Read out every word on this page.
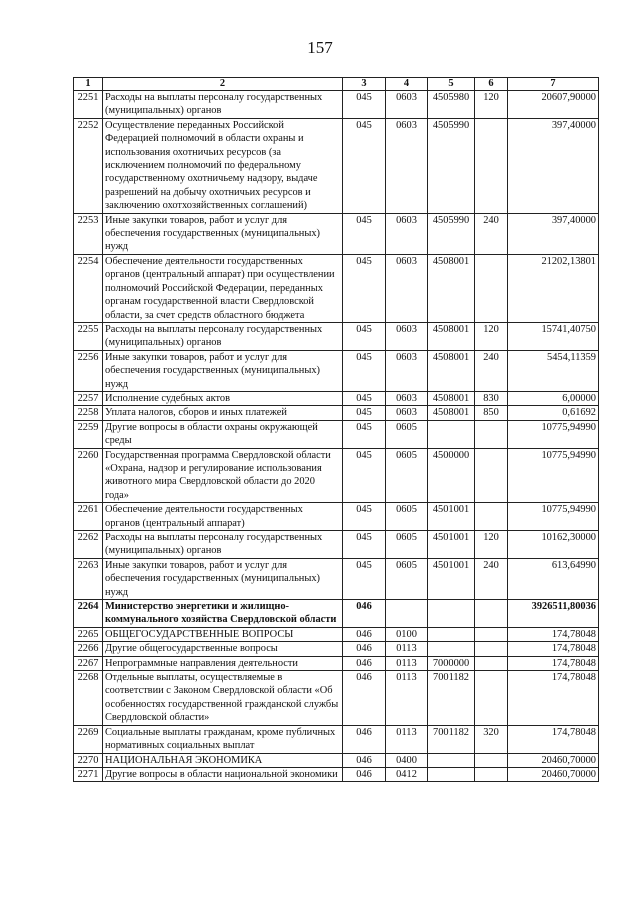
157
1	2	3	4	5	6	7
2251	Расходы на выплаты персоналу государственных (муниципальных) органов	045	0603	4505980	120	20607,90000
2252	Осуществление переданных Российской Федерацией полномочий в области охраны и использования охотничьих ресурсов (за исключением полномочий по федеральному государственному охотничьему надзору, выдаче разрешений на добычу охотничьих ресурсов и заключению охотхозяйственных соглашений)	045	0603	4505990		397,40000
2253	Иные закупки товаров, работ и услуг для обеспечения государственных (муниципальных) нужд	045	0603	4505990	240	397,40000
2254	Обеспечение деятельности государственных органов (центральный аппарат) при осуществлении полномочий Российской Федерации, переданных органам государственной власти Свердловской области, за счет средств областного бюджета	045	0603	4508001		21202,13801
2255	Расходы на выплаты персоналу государственных (муниципальных) органов	045	0603	4508001	120	15741,40750
2256	Иные закупки товаров, работ и услуг для обеспечения государственных (муниципальных) нужд	045	0603	4508001	240	5454,11359
2257	Исполнение судебных актов	045	0603	4508001	830	6,00000
2258	Уплата налогов, сборов и иных платежей	045	0603	4508001	850	0,61692
2259	Другие вопросы в области охраны окружающей среды	045	0605			10775,94990
2260	Государственная программа Свердловской области «Охрана, надзор и регулирование использования животного мира Свердловской области до 2020 года»	045	0605	4500000		10775,94990
2261	Обеспечение деятельности государственных органов (центральный аппарат)	045	0605	4501001		10775,94990
2262	Расходы на выплаты персоналу государственных (муниципальных) органов	045	0605	4501001	120	10162,30000
2263	Иные закупки товаров, работ и услуг для обеспечения государственных (муниципальных) нужд	045	0605	4501001	240	613,64990
2264	Министерство энергетики и жилищно-коммунального хозяйства Свердловской области	046				3926511,80036
2265	ОБЩЕГОСУДАРСТВЕННЫЕ ВОПРОСЫ	046	0100			174,78048
2266	Другие общегосударственные вопросы	046	0113			174,78048
2267	Непрограммные направления деятельности	046	0113	7000000		174,78048
2268	Отдельные выплаты, осуществляемые в соответствии с Законом Свердловской области «Об особенностях государственной гражданской службы Свердловской области»	046	0113	7001182		174,78048
2269	Социальные выплаты гражданам, кроме публичных нормативных социальных выплат	046	0113	7001182	320	174,78048
2270	НАЦИОНАЛЬНАЯ ЭКОНОМИКА	046	0400			20460,70000
2271	Другие вопросы в области национальной экономики	046	0412			20460,70000
